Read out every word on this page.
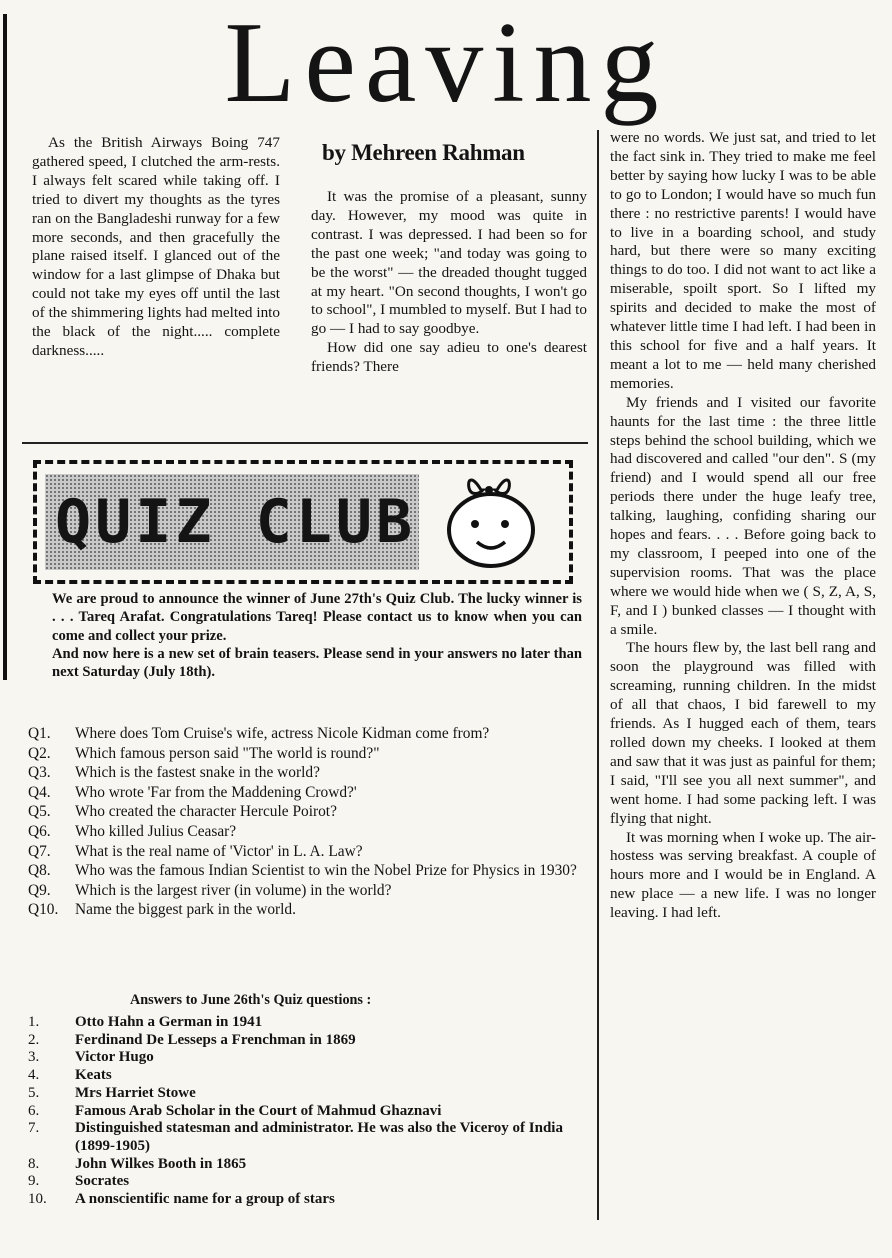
Leaving

As the British Airways Boing 747 gathered speed, I clutched the arm-rests. I always felt scared while taking off. I tried to divert my thoughts as the tyres ran on the Bangladeshi runway for a few more seconds, and then gracefully the plane raised itself. I glanced out of the window for a last glimpse of Dhaka but could not take my eyes off until the last of the shimmering lights had melted into the black of the night..... complete darkness.....

by Mehreen Rahman

It was the promise of a pleasant, sunny day. However, my mood was quite in contrast. I was depressed. I had been so for the past one week; "and today was going to be the worst" — the dreaded thought tugged at my heart. "On second thoughts, I won't go to school", I mumbled to myself. But I had to go — I had to say goodbye.

How did one say adieu to one's dearest friends? There

were no words. We just sat, and tried to let the fact sink in. They tried to make me feel better by saying how lucky I was to be able to go to London; I would have so much fun there : no restrictive parents! I would have to live in a boarding school, and study hard, but there were so many exciting things to do too. I did not want to act like a miserable, spoilt sport. So I lifted my spirits and decided to make the most of whatever little time I had left. I had been in this school for five and a half years. It meant a lot to me — held many cherished memories.

My friends and I visited our favorite haunts for the last time : the three little steps behind the school building, which we had discovered and called "our den". S (my friend) and I would spend all our free periods there under the huge leafy tree, talking, laughing, confiding sharing our hopes and fears. . . . Before going back to my classroom, I peeped into one of the supervision rooms. That was the place where we would hide when we ( S, Z, A, S, F, and I ) bunked classes — I thought with a smile.

The hours flew by, the last bell rang and soon the playground was filled with screaming, running children. In the midst of all that chaos, I bid farewell to my friends. As I hugged each of them, tears rolled down my cheeks. I looked at them and saw that it was just as painful for them; I said, "I'll see you all next summer", and went home. I had some packing left. I was flying that night.

It was morning when I woke up. The air-hostess was serving breakfast. A couple of hours more and I would be in England. A new place — a new life. I was no longer leaving. I had left.

QUIZ CLUB

We are proud to announce the winner of June 27th's Quiz Club. The lucky winner is . . . Tareq Arafat. Congratulations Tareq! Please contact us to know when you can come and collect your prize.

And now here is a new set of brain teasers. Please send in your answers no later than next Saturday (July 18th).

Q1.	Where does Tom Cruise's wife, actress Nicole Kidman come from?
Q2.	Which famous person said "The world is round?"
Q3.	Which is the fastest snake in the world?
Q4.	Who wrote 'Far from the Maddening Crowd?'
Q5.	Who created the character Hercule Poirot?
Q6.	Who killed Julius Ceasar?
Q7.	What is the real name of 'Victor' in L. A. Law?
Q8.	Who was the famous Indian Scientist to win the Nobel Prize for Physics in 1930?
Q9.	Which is the largest river (in volume) in the world?
Q10.	Name the biggest park in the world.
Answers to June 26th's Quiz questions :
1.	Otto Hahn a German in 1941
2.	Ferdinand De Lesseps a Frenchman in 1869
3.	Victor Hugo
4.	Keats
5.	Mrs Harriet Stowe
6.	Famous Arab Scholar in the Court of Mahmud Ghaznavi
7.	Distinguished statesman and administrator. He was also the Viceroy of India (1899-1905)
8.	John Wilkes Booth in 1865
9.	Socrates
10.	A nonscientific name for a group of stars
